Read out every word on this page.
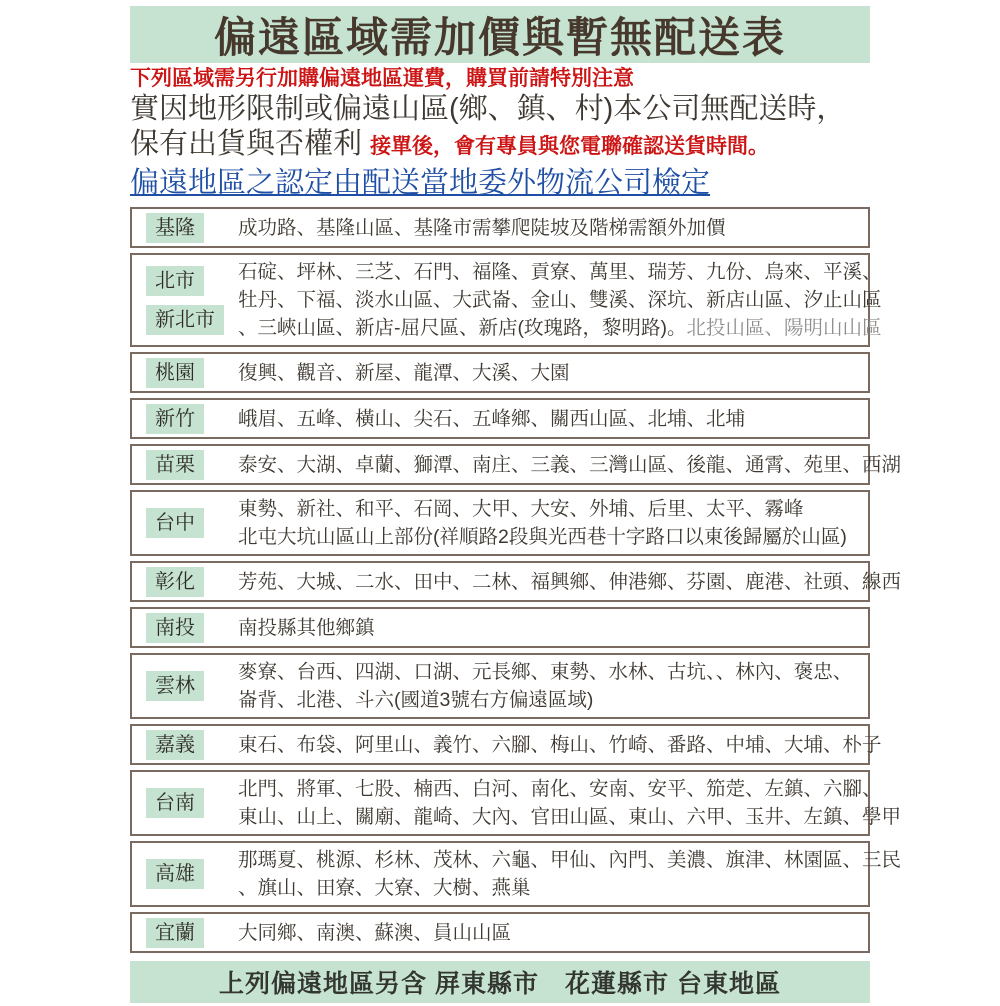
偏遠區域需加價與暫無配送表
下列區域需另行加購偏遠地區運費，購買前請特別注意
實因地形限制或偏遠山區(鄉、鎮、村)本公司無配送時，
保有出貨與否權利 接單後，會有專員與您電聯確認送貨時間。
偏遠地區之認定由配送當地委外物流公司檢定
基隆	成功路、基隆山區、基隆市需攀爬陡坡及階梯需額外加價
北市
新北市
石碇、坪林、三芝、石門、福隆、貢寮、萬里、瑞芳、九份、烏來、平溪、
牡丹、下福、淡水山區、大武崙、金山、雙溪、深坑、新店山區、汐止山區
、三峽山區、新店-屈尺區、新店(玫瑰路，黎明路)。北投山區、陽明山山區
桃園	復興、觀音、新屋、龍潭、大溪、大園
新竹	峨眉、五峰、橫山、尖石、五峰鄉、關西山區、北埔、北埔
苗栗	泰安、大湖、卓蘭、獅潭、南庄、三義、三灣山區、後龍、通霄、苑里、西湖
台中
東勢、新社、和平、石岡、大甲、大安、外埔、后里、太平、霧峰
北屯大坑山區山上部份(祥順路2段與光西巷十字路口以東後歸屬於山區)
彰化	芳苑、大城、二水、田中、二林、福興鄉、伸港鄉、芬園、鹿港、社頭、線西
南投	南投縣其他鄉鎮
雲林
麥寮、台西、四湖、口湖、元長鄉、東勢、水林、古坑、、林內、褒忠、
崙背、北港、斗六(國道3號右方偏遠區域)
嘉義	東石、布袋、阿里山、義竹、六腳、梅山、竹崎、番路、中埔、大埔、朴子
台南
北門、將軍、七股、楠西、白河、南化、安南、安平、笳萣、左鎮、六腳、
東山、山上、關廟、龍崎、大內、官田山區、東山、六甲、玉井、左鎮、學甲
高雄
那瑪夏、桃源、杉林、茂林、六龜、甲仙、內門、美濃、旗津、林園區、三民
、旗山、田寮、大寮、大樹、燕巢
宜蘭	大同鄉、南澳、蘇澳、員山山區
上列偏遠地區另含 屏東縣市　花蓮縣市 台東地區
